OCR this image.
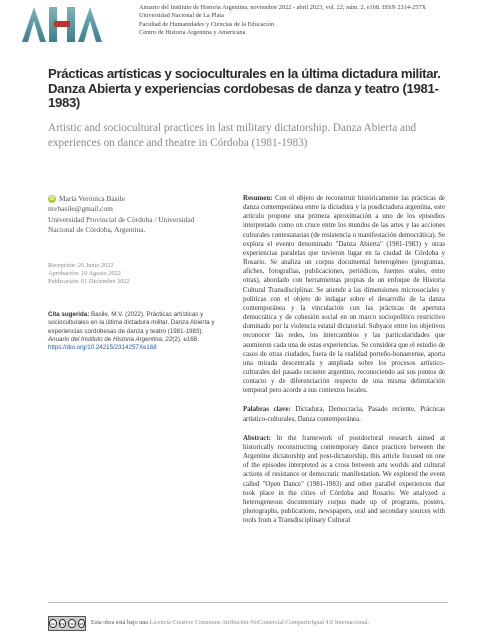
Anuario del Instituto de Historia Argentina, noviembre 2022 - abril 2023, vol. 22, núm. 2, e168. ISSN 2314-257X
Universidad Nacional de La Plata
Facultad de Humanidades y Ciencias de la Educación
Centro de Historia Argentina y Americana
Prácticas artísticas y socioculturales en la última dictadura militar. Danza Abierta y experiencias cordobesas de danza y teatro (1981-1983)
Artistic and sociocultural practices in last military dictatorship. Danza Abierta and experiences on dance and theatre in Córdoba (1981-1983)
iD María Verónica Basile
mvbasile@gmail.com
Universidad Provincial de Córdoba / Universidad Nacional de Córdoba, Argentina.
Recepción: 26 Junio 2022
Aprobación: 10 Agosto 2022
Publicación: 01 Diciembre 2022
Cita sugerida: Basile, M.V. (2022). Prácticas artísticas y socioculturales en la última dictadura militar. Danza Abierta y experiencias cordobesas de danza y teatro (1981-1983). Anuario del Instituto de Historia Argentina, 22(2), e168. https://doi.org/10.24215/2314257Xe168

Resumen: Con el objeto de reconstruir históricamente las prácticas de danza contemporánea entre la dictadura y la posdictadura argentina, este artículo propone una primera aproximación a uno de los episodios interpretado como un cruce entre los mundos de las artes y las acciones culturales contestatarias (de resistencia o manifestación democrática). Se explora el evento denominado "Danza Abierta" (1981-1983) y otras experiencias paralelas que tuvieron lugar en la ciudad de Córdoba y Rosario. Se analiza un corpus documental heterogéneo (programas, afiches, fotografías, publicaciones, periódicos, fuentes orales, entre otras), abordado con herramientas propias de un enfoque de Historia Cultural Transdisciplinar. Se atiende a las dimensiones microsociales y políticas con el objeto de indagar sobre el desarrollo de la danza contemporánea y la vinculación con las prácticas de apertura democrática y de cohesión social en un marco sociopolítico restrictivo dominado por la violencia estatal dictatorial. Subyace entre los objetivos reconocer las redes, los intercambios y las particularidades que asumieron cada una de estas experiencias. Se considera que el estudio de casos de otras ciudades, fuera de la realidad porteño-bonaerense, aporta una mirada descentrada y ampliada sobre los procesos artístico-culturales del pasado reciente argentino, reconociendo así sus puntos de contacto y de diferenciación respecto de una misma delimitación temporal pero acorde a sus contextos locales.

Palabras clave: Dictadura, Democracia, Pasado reciente, Prácticas artístico-culturales, Danza contemporánea.

Abstract: In the framework of postdoctoral research aimed at historically reconstructing contemporary dance practices between the Argentine dictatorship and post-dictatorship, this article focused on one of the episodes interpreted as a cross between arts worlds and cultural actions of resistance or democratic manifestation. We explored the event called "Open Dance" (1981-1983) and other parallel experiences that took place in the cities of Córdoba and Rosario. We analyzed a heterogeneous documentary corpus made up of programs, posters, photographs, publications, newspapers, oral and secondary sources with tools from a Transdisciplinary Cultural

cc	by	nc	sa Esta obra está bajo una Licencia Creative Commons Atribución-NoComercial-CompartirIgual 4.0 Internacional.
